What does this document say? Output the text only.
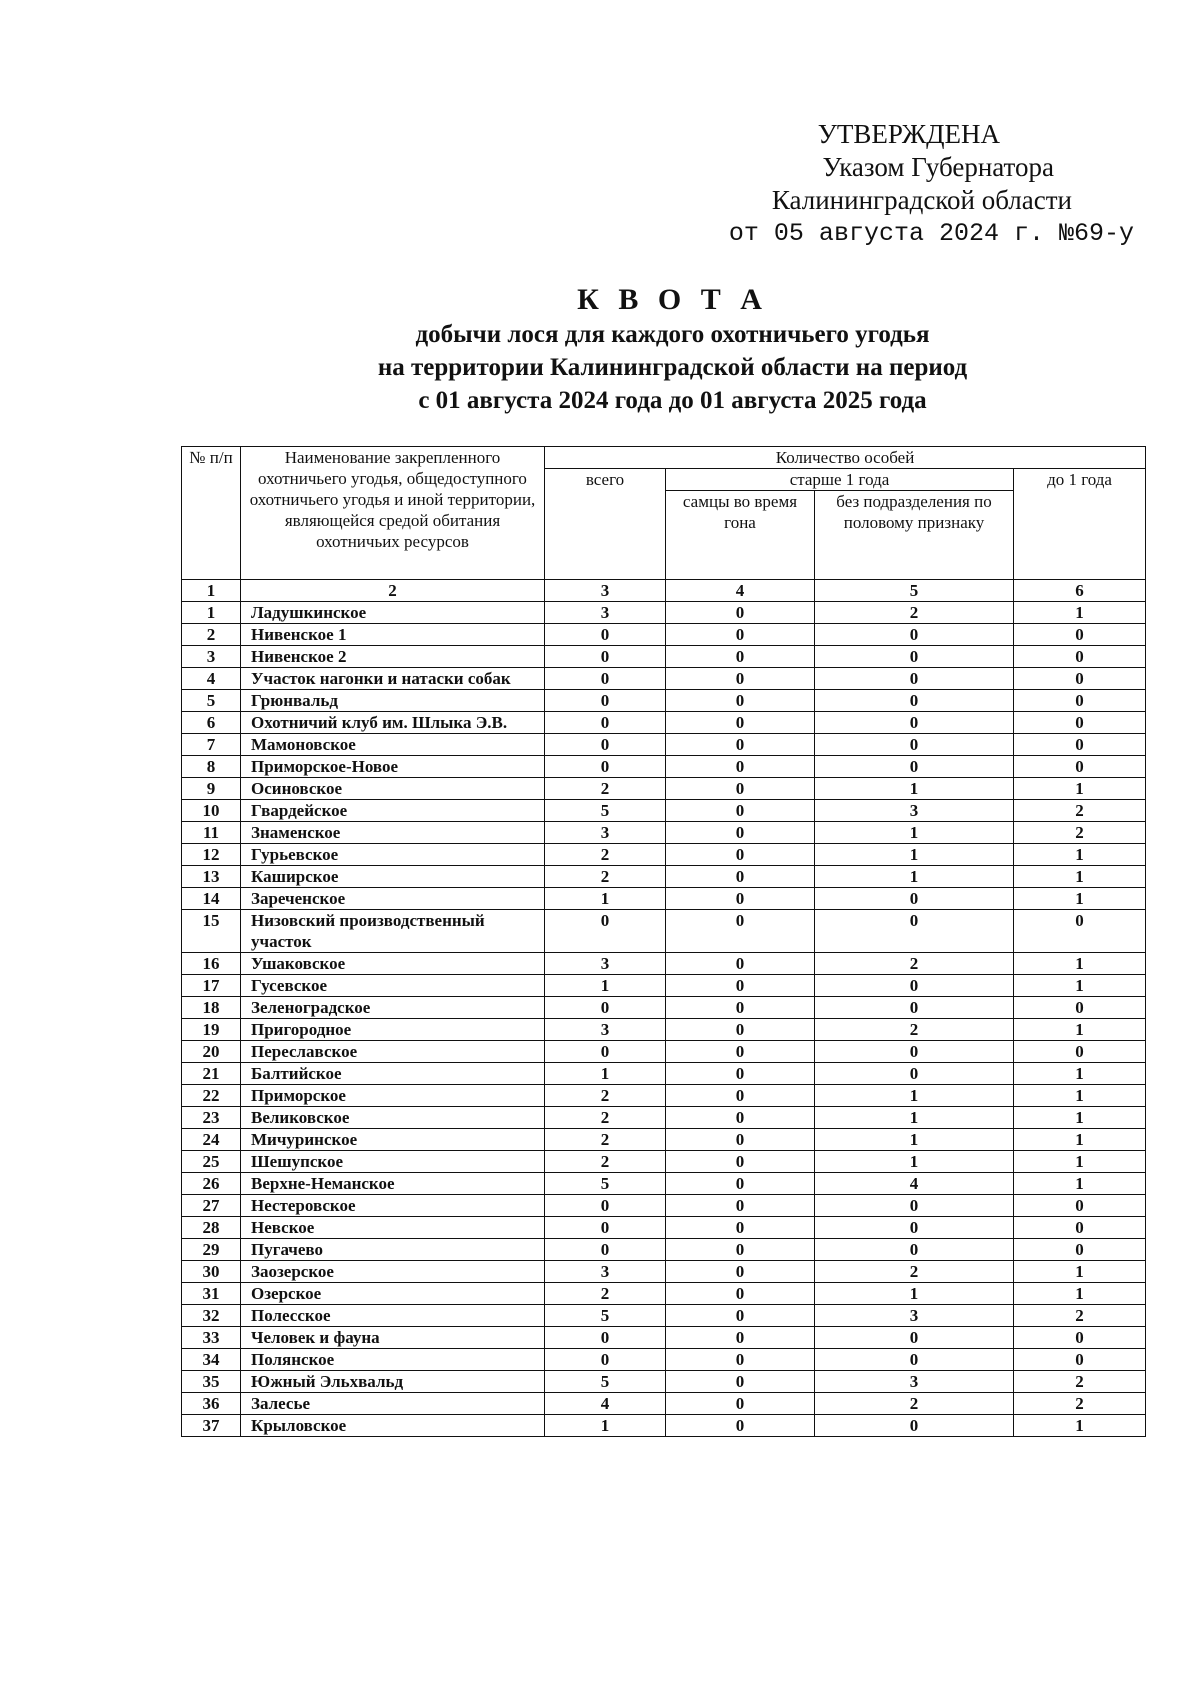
УТВЕРЖДЕНА
Указом Губернатора
Калининградской области
от 05 августа 2024 г. №69-у
К В О Т А
добычи лося для каждого охотничьего угодья
на территории Калининградской области на период
с 01 августа 2024 года до 01 августа 2025 года
№ п/п	Наименование закрепленного охотничьего угодья, общедоступного охотничьего угодья и иной территории, являющейся средой обитания охотничьих ресурсов	Количество особей			
		всего	старше 1 года		до 1 года
			самцы во время гона	без подразделения по половому признаку	
1	2	3	4	5	6
1	Ладушкинское	3	0	2	1
2	Нивенское 1	0	0	0	0
3	Нивенское 2	0	0	0	0
4	Участок нагонки и натаски собак	0	0	0	0
5	Грюнвальд	0	0	0	0
6	Охотничий клуб им. Шлыка Э.В.	0	0	0	0
7	Мамоновское	0	0	0	0
8	Приморское-Новое	0	0	0	0
9	Осиновское	2	0	1	1
10	Гвардейское	5	0	3	2
11	Знаменское	3	0	1	2
12	Гурьевское	2	0	1	1
13	Каширское	2	0	1	1
14	Зареченское	1	0	0	1
15	Низовский производственный участок	0	0	0	0
16	Ушаковское	3	0	2	1
17	Гусевское	1	0	0	1
18	Зеленоградское	0	0	0	0
19	Пригородное	3	0	2	1
20	Переславское	0	0	0	0
21	Балтийское	1	0	0	1
22	Приморское	2	0	1	1
23	Великовское	2	0	1	1
24	Мичуринское	2	0	1	1
25	Шешупское	2	0	1	1
26	Верхне-Неманское	5	0	4	1
27	Нестеровское	0	0	0	0
28	Невское	0	0	0	0
29	Пугачево	0	0	0	0
30	Заозерское	3	0	2	1
31	Озерское	2	0	1	1
32	Полесское	5	0	3	2
33	Человек и фауна	0	0	0	0
34	Полянское	0	0	0	0
35	Южный Эльхвальд	5	0	3	2
36	Залесье	4	0	2	2
37	Крыловское	1	0	0	1
